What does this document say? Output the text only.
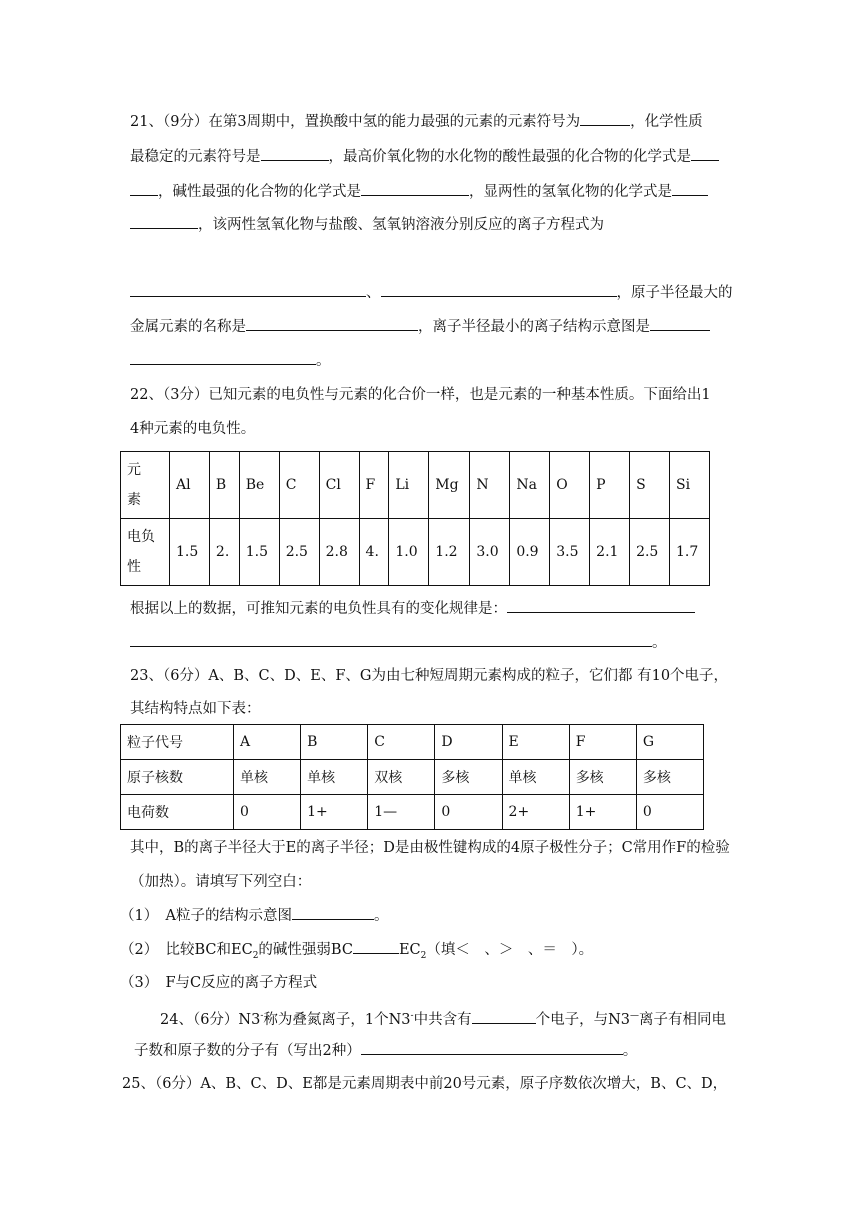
21、（9分）在第3周期中，置换酸中氢的能力最强的元素的元素符号为	，化学性质
最稳定的元素符号是	，最高价氧化物的水化物的酸性最强的化合物的化学式是
，碱性最强的化合物的化学式是	，显两性的氢氧化物的化学式是
，该两性氢氧化物与盐酸、氢氧钠溶液分别反应的离子方程式为
、	，原子半径最大的
金属元素的名称是	，离子半径最小的离子结构示意图是
。
22、（3分）已知元素的电负性与元素的化合价一样，也是元素的一种基本性质。下面给出1
4种元素的电负性。
元
素	Al	B	Be	C	Cl	F	Li	Mg	N	Na	O	P	S	Si
电负
性	1.5	2.	1.5	2.5	2.8	4.	1.0	1.2	3.0	0.9	3.5	2.1	2.5	1.7
根据以上的数据，可推知元素的电负性具有的变化规律是：
。
23、（6分）A、B、C、D、E、F、G为由七种短周期元素构成的粒子，它们都 有10个电子，
其结构特点如下表：
粒子代号	A	B	C	D	E	F	G
原子核数	单核	单核	双核	多核	单核	多核	多核
电荷数	0	1+	1—	0	2+	1+	0
其中，B的离子半径大于E的离子半径；D是由极性键构成的4原子极性分子；C常用作F的检验
（加热）。请填写下列空白：
（1）　A粒子的结构示意图	。
（2）　比较BC和$EC_2$的碱性强弱BC	$EC_2$（填＜　、＞　、＝　）。
（3）　F与C反应的离子方程式
24、（6分）N3-称为叠氮离子，1个N3-中共含有	个电子，与N3—离子有相同电
子数和原子数的分子有（写出2种）	。
25、（6分）A、B、C、D、E都是元素周期表中前20号元素，原子序数依次增大，B、C、D，
